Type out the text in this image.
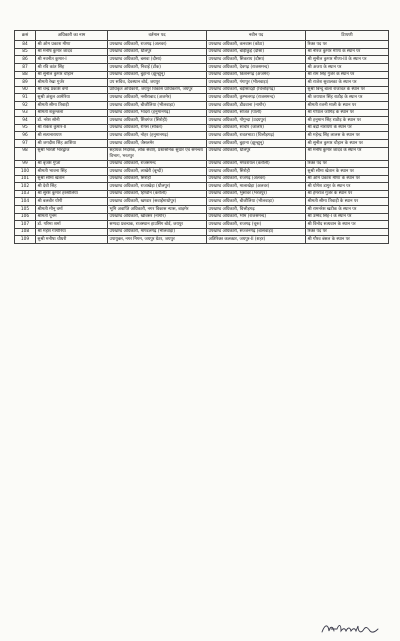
क्रसं	अधिकारी का नाम	वर्तमान पद	नवीन पद	टिप्पणी
84	श्री ओम प्रकाश मीणा	उपखण्ड अधिकारी, राजगढ़ (अलवर)	उपखण्ड अधिकारी, कनवास (कोटा)	रिक्त पद पर
85	श्री मनीष कुमार जादव	उपखण्ड अधिकारी, धौलपुर	उपखण्ड अधिकारी, बाड़ीकुई (दौसा)	श्री नीरज कुमार मीणा के स्थान पर
86	श्री नवनीत कुमार-I	उपखण्ड अधिकारी, बसवा (दौसा)	उपखण्ड अधिकारी, सिकराय (दौसा)	श्री सुनील कुमार मीणा-III के स्थान पर
87	श्री रवि कांत सिंह	उपखण्ड अधिकारी, निवाई (टोंक)	उपखण्ड अधिकारी, देवगढ़ (राजसमन्द)	श्री अजय के स्थान पर
88	श्री सुनील कुमार चौहान	उपखण्ड अधिकारी, बुहाना (झुन्झुनू)	उपखण्ड अधिकारी, किशनगढ़ (अजमेर)	श्री राम सिंह गुर्जर के स्थान पर
89	श्रीमती रेखा गुर्जर	उप सचिव, देवस्थान बोर्ड, जयपुर	उपखण्ड अधिकारी, गंगापुर (भीलवाड़ा)	श्री राजेश सुवालका के स्थान पर
90	श्री चन्द्र प्रकाश वर्मा	प्राधिकृत अधिकारी, जयपुर विकास प्राधिकरण, जयपुर	उपखण्ड अधिकारी, बड़ीसादड़ी (चित्तौड़गढ़)	सुश्री बिन्दु बाला राजावत के स्थान पर
91	सुश्री अंशुल आमेरिया	उपखण्ड अधिकारी, नसीराबाद (अजमेर)	उपखण्ड अधिकारी, कुम्भलगढ़ (राजसमन्द)	श्री जयपाल सिंह राठौड़ के स्थान पर
92	श्रीमती सीमा तिवाड़ी	उपखण्ड अधिकारी, बीजौलिया (भीलवाड़ा)	उपखण्ड अधिकारी, डीडवाना (नागौर)	श्रीमती रजनी माली के स्थान पर
93	श्रीमती शकुन्तला	उपखण्ड अधिकारी, भादरा (हनुमानगढ़)	उपखण्ड अधिकारी, सोजत (पाली)	श्री गोपाल जांगिड़ के स्थान पर
94	डॉ. नरेश सोनी	उपखण्ड अधिकारी, शिवगंज (सिरोही)	उपखण्ड अधिकारी, गोगुन्दा (उदयपुर)	श्री हनुमान सिंह राठौड़ के स्थान पर
95	श्री राकेश कुमार-II	उपखण्ड अधिकारी, रींगस (सीकर)	उपखण्ड अधिकारी, सांचौर (जालोर)	श्री बद्री नारायण के स्थान पर
96	श्री सत्यनारायण	उपखण्ड अधिकारी, नोहर (हनुमानगढ़)	उपखण्ड अधिकारी, रावतभाटा (चित्तौड़गढ़)	श्री महेन्द्र सिंह लालस के स्थान पर
97	श्री जगदीश सिंह आशिया	उपखण्ड अधिकारी, जैसलमेर	उपखण्ड अधिकारी, बुहाना (झुन्झुनू)	श्री सुनील कुमार चौहान के स्थान पर
98	सुश्री भारती भारद्वाज	सहायक निदेशक, लोक सेवाएं, प्रशासनिक सुधार एवं समन्वय विभाग, भरतपुर	उपखण्ड अधिकारी, धौलपुर	श्री मनीष कुमार जादव के स्थान पर
99	श्री बृजेश गुप्ता	उपखण्ड अधिकारी, राजसमन्द	उपखण्ड अधिकारी, मण्डरायल (करौली)	रिक्त पद पर
100	श्रीमती भावना सिंह	उपखण्ड अधिकारी, लाखेरी (बून्दी)	उपखण्ड अधिकारी, सिरोही	सुश्री सीमा खेतान के स्थान पर
101	सुश्री सीमा खेतान	उपखण्ड अधिकारी, सिरोही	उपखण्ड अधिकारी, राजगढ़ (अलवर)	श्री ओम प्रकाश मीणा के स्थान पर
102	श्री देवी सिंह	उपखण्ड अधिकारी, राजाखेड़ा (धौलपुर)	उपखण्ड अधिकारी, मालाखेड़ा (अलवर)	श्री योगेश डागुर के स्थान पर
103	श्री सुरेश कुमार हरसोलिया	उपखण्ड अधिकारी, हिण्डौन (करौली)	उपखण्ड अधिकारी, भुसावर (भरतपुर)	श्री हेमराज गुर्जर के स्थान पर
104	श्री बलबीर योगी	उपखण्ड अधिकारी, खण्डार (सवाईमाधोपुर)	उपखण्ड अधिकारी, बीजौलिया (भीलवाड़ा)	श्रीमती सीमा तिवाड़ी के स्थान पर
105	श्रीमती मीनू वर्मा	भूमि अवाप्ति अधिकारी, नगर विकास न्यास, बाड़मेर	उपखण्ड अधिकारी, चित्तौड़गढ़	श्री रामनरेश खटीक के स्थान पर
106	श्रीमती पूनम	उपखण्ड अधिकारी, खींवसर (नागौर)	उपखण्ड अधिकारी, भीम (राजसमन्द)	श्री उम्मेद सिंह-I के स्थान पर
107	डॉ. गरिमा शर्मा	सम्पदा प्रबन्धक, राजस्थान हाउसिंग बोर्ड, जयपुर	उपखण्ड अधिकारी, राजगढ़ (चूरू)	श्री विनोद सत्यवान के स्थान पर
108	श्री महेश गागोरिया	उपखण्ड अधिकारी, माण्डलगढ़ (भीलवाड़ा)	उपखण्ड अधिकारी, सज्जनगढ़ (बांसवाड़ा)	रिक्त पद पर
109	सुश्री मनीषा चौधरी	उपायुक्त, नगर निगम, जयपुर ग्रेटर, जयपुर	अतिरिक्त कलक्टर, जयपुर-II (शहर)	श्री गौरव बंसल के स्थान पर
